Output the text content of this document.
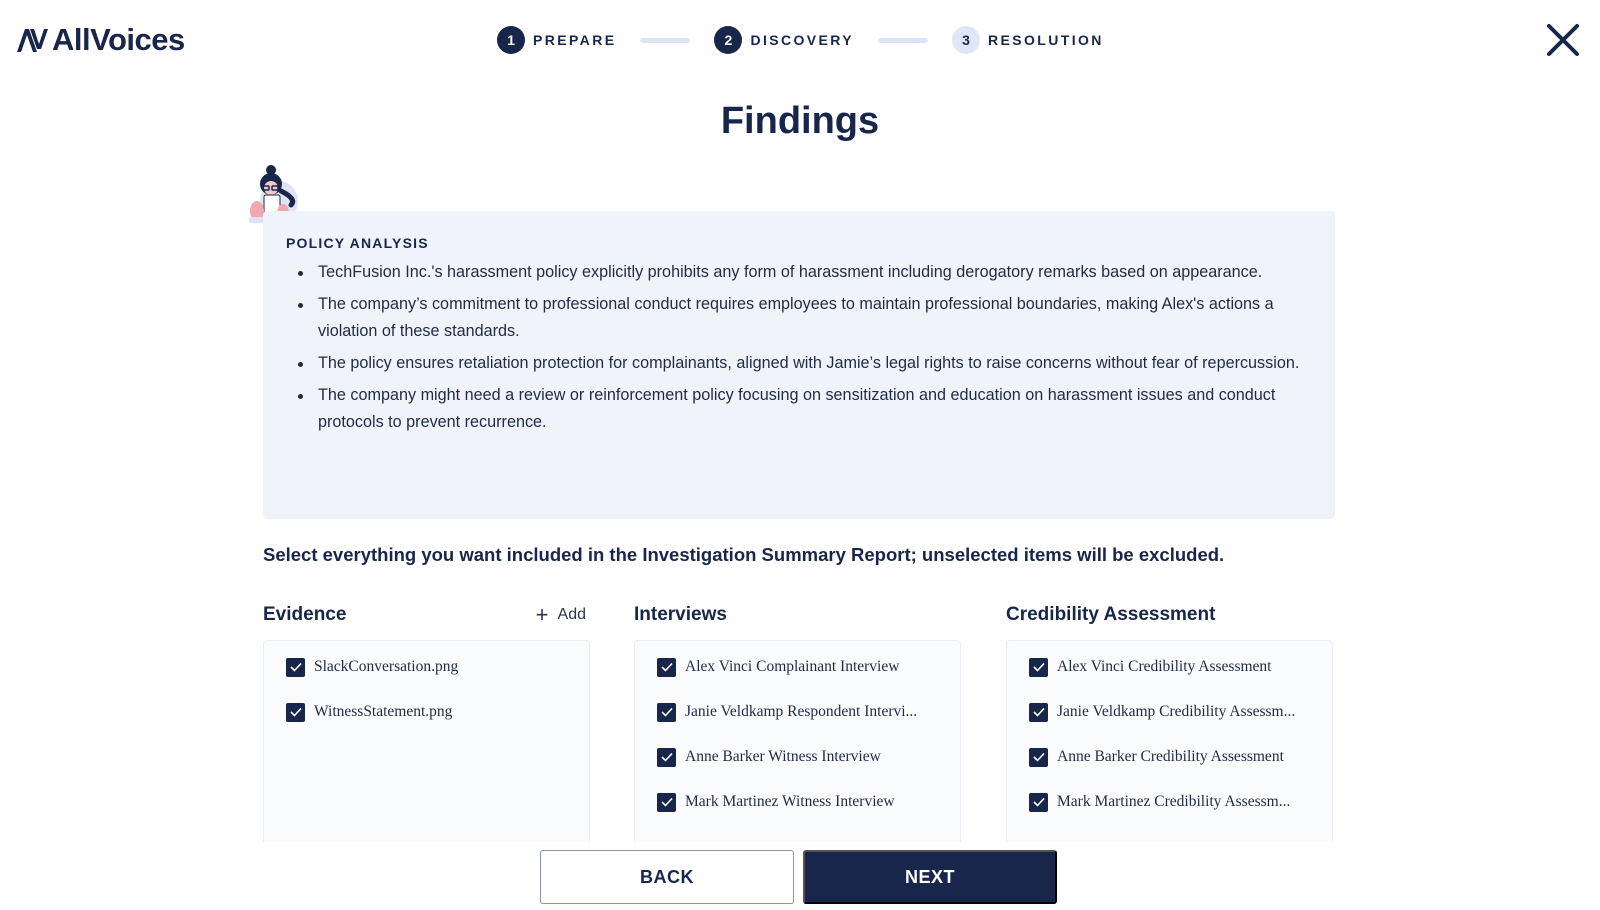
AllVoices	1	PREPARE	2	DISCOVERY	3	RESOLUTION
Findings
POLICY ANALYSIS
TechFusion Inc.'s harassment policy explicitly prohibits any form of harassment including derogatory remarks based on appearance.
The company’s commitment to professional conduct requires employees to maintain professional boundaries, making Alex's actions a violation of these standards.
The policy ensures retaliation protection for complainants, aligned with Jamie’s legal rights to raise concerns without fear of repercussion.
The company might need a review or reinforcement policy focusing on sensitization and education on harassment issues and conduct protocols to prevent recurrence.

Select everything you want included in the Investigation Summary Report; unselected items will be excluded.

Evidence	+ Add
SlackConversation.png
WitnessStatement.png
Interviews
Alex Vinci Complainant Interview
Janie Veldkamp Respondent Intervi...
Anne Barker Witness Interview
Mark Martinez Witness Interview
Credibility Assessment
Alex Vinci Credibility Assessment
Janie Veldkamp Credibility Assessm...
Anne Barker Credibility Assessment
Mark Martinez Credibility Assessm...
BACK	NEXT
